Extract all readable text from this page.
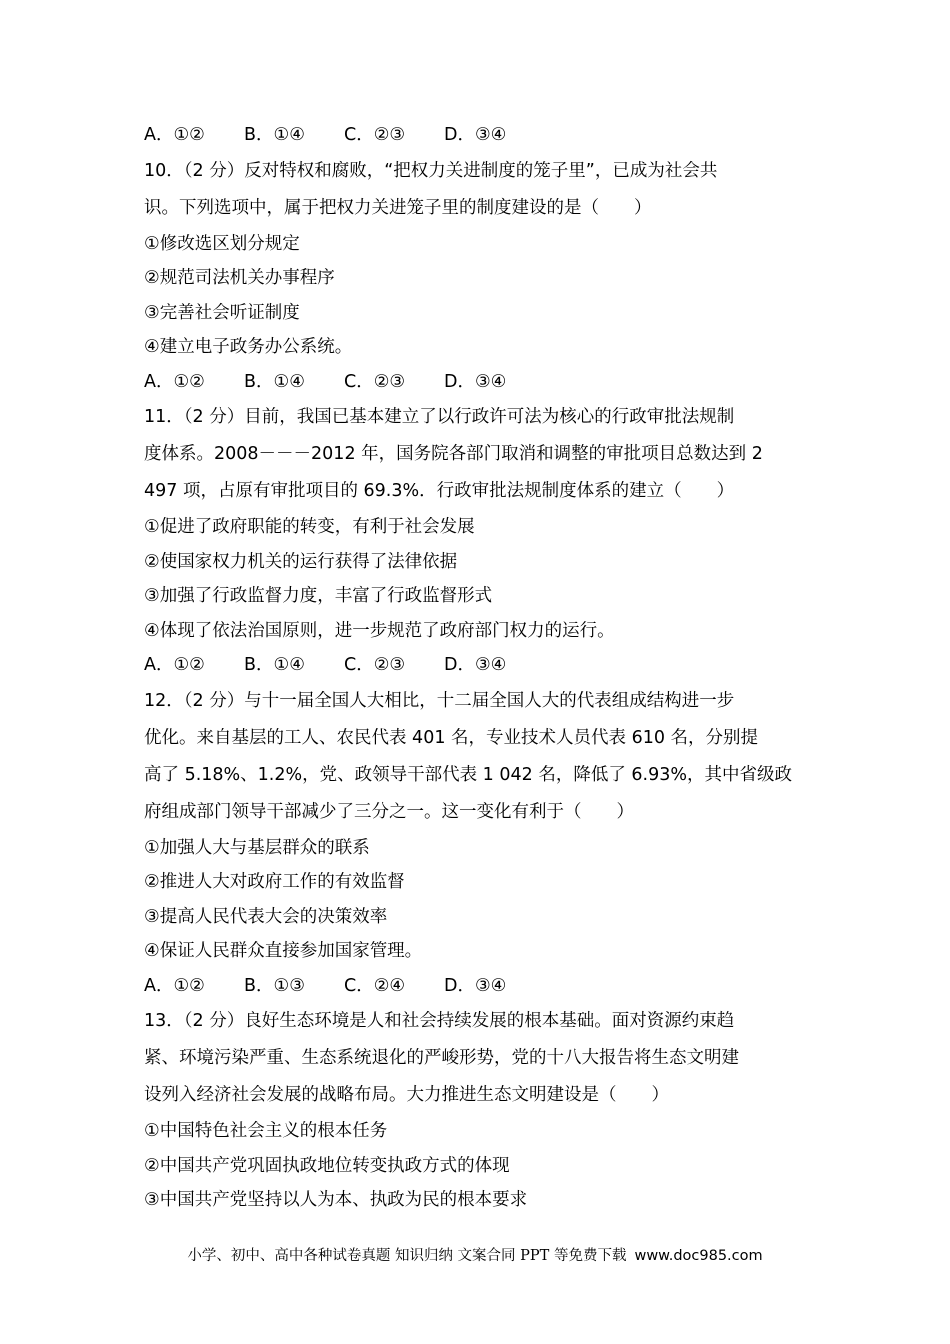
A．①② B．①④ C．②③ D．③④
10．（2 分）反对特权和腐败，“把权力关进制度的笼子里”，已成为社会共
识。下列选项中，属于把权力关进笼子里的制度建设的是（　　）
①修改选区划分规定
②规范司法机关办事程序
③完善社会听证制度
④建立电子政务办公系统。
A．①② B．①④ C．②③ D．③④
11．（2 分）目前，我国已基本建立了以行政许可法为核心的行政审批法规制
度体系。2008－－－2012 年，国务院各部门取消和调整的审批项目总数达到 2
497 项，占原有审批项目的 69.3%．行政审批法规制度体系的建立（　　）
①促进了政府职能的转变，有利于社会发展
②使国家权力机关的运行获得了法律依据
③加强了行政监督力度，丰富了行政监督形式
④体现了依法治国原则，进一步规范了政府部门权力的运行。
A．①② B．①④ C．②③ D．③④
12．（2 分）与十一届全国人大相比，十二届全国人大的代表组成结构进一步
优化。来自基层的工人、农民代表 401 名，专业技术人员代表 610 名，分别提
高了 5.18%、1.2%，党、政领导干部代表 1 042 名，降低了 6.93%，其中省级政
府组成部门领导干部减少了三分之一。这一变化有利于（　　）
①加强人大与基层群众的联系
②推进人大对政府工作的有效监督
③提高人民代表大会的决策效率
④保证人民群众直接参加国家管理。
A．①② B．①③ C．②④ D．③④
13．（2 分）良好生态环境是人和社会持续发展的根本基础。面对资源约束趋
紧、环境污染严重、生态系统退化的严峻形势，党的十八大报告将生态文明建
设列入经济社会发展的战略布局。大力推进生态文明建设是（　　）
①中国特色社会主义的根本任务
②中国共产党巩固执政地位转变执政方式的体现
③中国共产党坚持以人为本、执政为民的根本要求
小学、初中、高中各种试卷真题 知识归纳 文案合同 PPT 等免费下载 www.doc985.com
